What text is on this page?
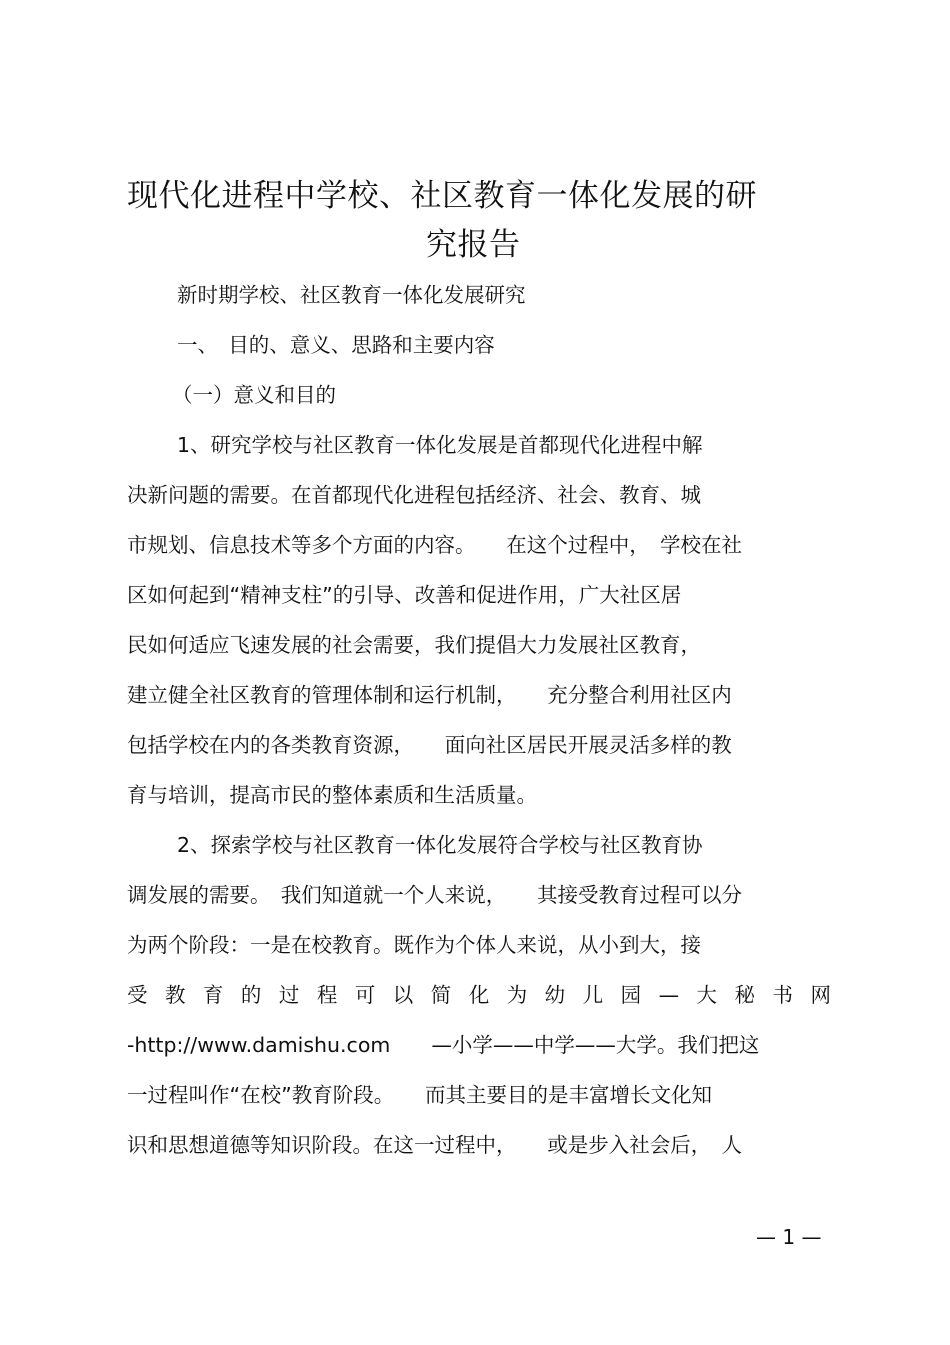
现代化进程中学校、社区教育一体化发展的研
究报告
新时期学校、社区教育一体化发展研究
一、　目的、意义、思路和主要内容
（一）意义和目的
1、研究学校与社区教育一体化发展是首都现代化进程中解
决新问题的需要。在首都现代化进程包括经济、社会、教育、城
市规划、信息技术等多个方面的内容。　　在这个过程中，　学校在社
区如何起到“精神支柱”的引导、改善和促进作用，广大社区居
民如何适应飞速发展的社会需要，我们提倡大力发展社区教育，
建立健全社区教育的管理体制和运行机制，　　充分整合利用社区内
包括学校在内的各类教育资源，　　面向社区居民开展灵活多样的教
育与培训，提高市民的整体素质和生活质量。
2、探索学校与社区教育一体化发展符合学校与社区教育协
调发展的需要。　我们知道就一个人来说，　　其接受教育过程可以分
为两个阶段：一是在校教育。既作为个体人来说，从小到大，接
受 教 育 的 过 程 可 以 简 化 为 幼 儿 园 — 大 秘 书 网
-http://www.damishu.com　　—小学——中学——大学。我们把这
一过程叫作“在校”教育阶段。　　而其主要目的是丰富增长文化知
识和思想道德等知识阶段。在这一过程中，　　或是步入社会后，　人
— 1 —
